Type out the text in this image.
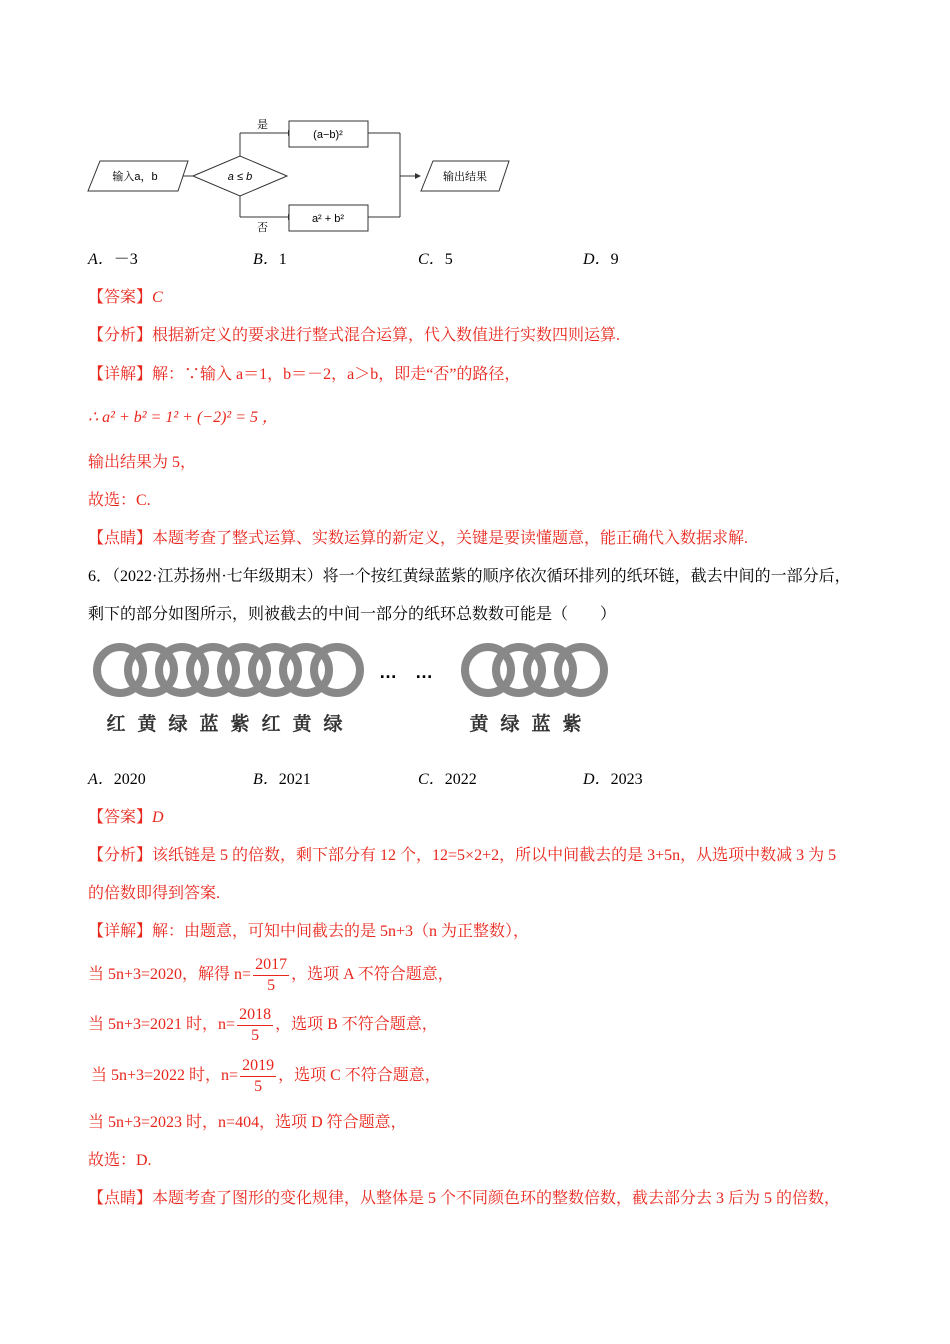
输入a，b	a ≤ b
是
(a−b)²
否
a² + b²
输出结果
A．－3	B．1	C．5	D．9
【答案】C
【分析】根据新定义的要求进行整式混合运算，代入数值进行实数四则运算.
【详解】解：∵输入 a＝1，b＝－2，a＞b，即走“否”的路径，
∴ a² + b² = 1² + (−2)² = 5 ，
输出结果为 5，
故选：C.
【点睛】本题考查了整式运算、实数运算的新定义，关键是要读懂题意，能正确代入数据求解.
6．（2022·江苏扬州·七年级期末）将一个按红黄绿蓝紫的顺序依次循环排列的纸环链，截去中间的一部分后，
剩下的部分如图所示，则被截去的中间一部分的纸环总数数可能是（　　）
…　…
红 黄 绿 蓝 紫 红 黄 绿	黄 绿 蓝 紫
A．2020	B．2021	C．2022	D．2023
【答案】D
【分析】该纸链是 5 的倍数，剩下部分有 12 个，12=5×2+2，所以中间截去的是 3+5n，从选项中数减 3 为 5
的倍数即得到答案.
【详解】解：由题意，可知中间截去的是 5n+3（n 为正整数），
当 5n+3=2020，解得 $n= \frac{2017}{5}$ ，选项 A 不符合题意，
当 5n+3=2021 时，$n= \frac{2018}{5}$ ，选项 B 不符合题意，
当 5n+3=2022 时，$n= \frac{2019}{5}$ ，选项 C 不符合题意，
当 5n+3=2023 时，n=404，选项 D 符合题意，
故选：D.
【点睛】本题考查了图形的变化规律，从整体是 5 个不同颜色环的整数倍数，截去部分去 3 后为 5 的倍数，
